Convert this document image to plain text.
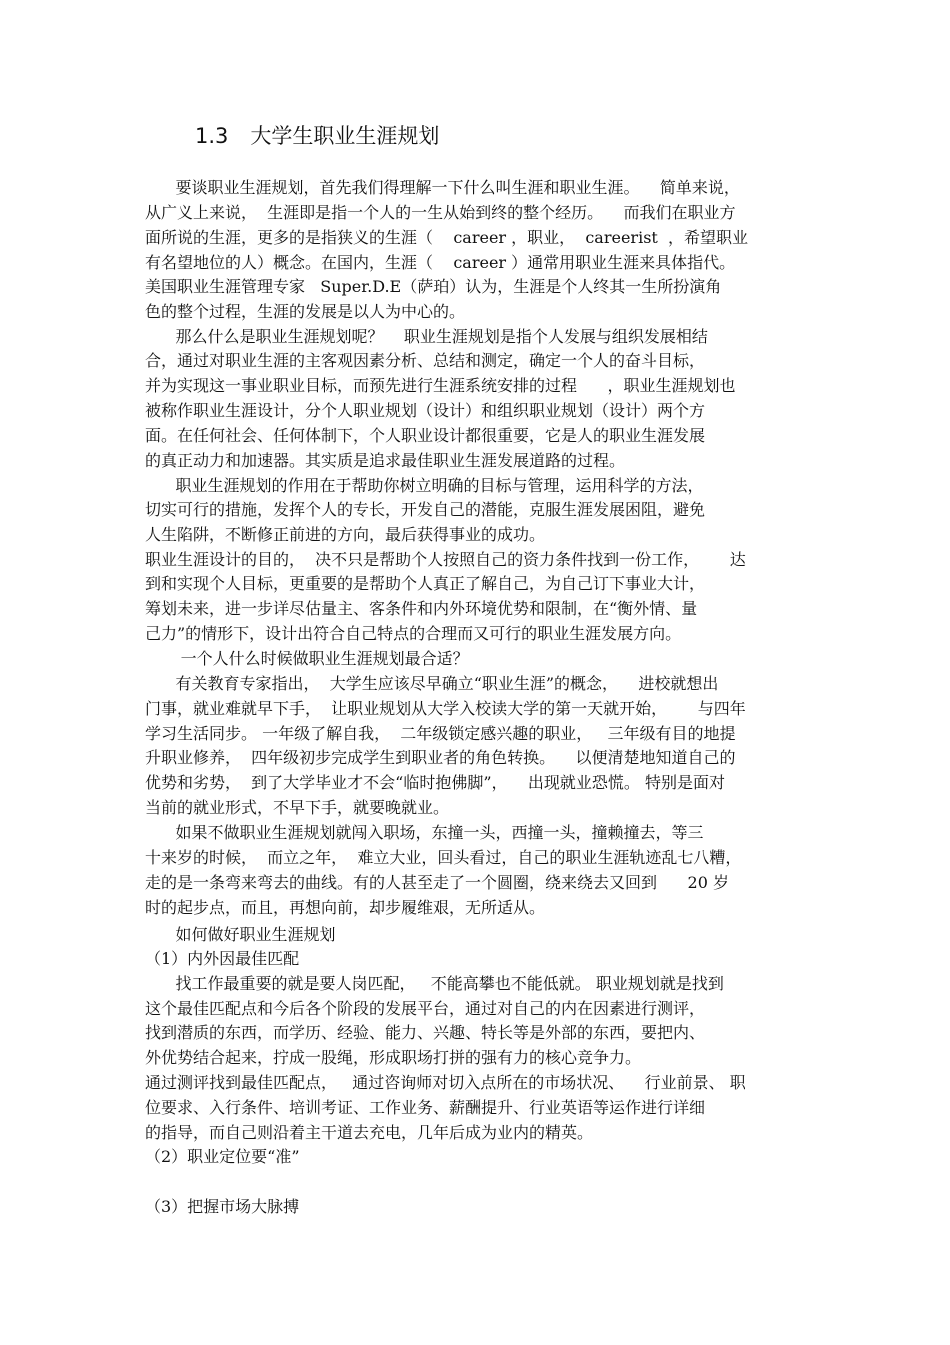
1.3 大学生职业生涯规划

要谈职业生涯规划，首先我们得理解一下什么叫生涯和职业生涯。    简单来说，

从广义上来说，  生涯即是指一个人的一生从始到终的整个经历。    而我们在职业方

面所说的生涯，更多的是指狭义的生涯（    career ，职业，  careerist  ，希望职业

有名望地位的人）概念。在国内，生涯（    career ）通常用职业生涯来具体指代。

美国职业生涯管理专家   Super.D.E（萨珀）认为，生涯是个人终其一生所扮演角

色的整个过程，生涯的发展是以人为中心的。

那么什么是职业生涯规划呢？    职业生涯规划是指个人发展与组织发展相结

合，通过对职业生涯的主客观因素分析、总结和测定，确定一个人的奋斗目标，

并为实现这一事业职业目标，而预先进行生涯系统安排的过程      ，职业生涯规划也

被称作职业生涯设计，分个人职业规划（设计）和组织职业规划（设计）两个方

面。在任何社会、任何体制下，个人职业设计都很重要，它是人的职业生涯发展

的真正动力和加速器。其实质是追求最佳职业生涯发展道路的过程。

职业生涯规划的作用在于帮助你树立明确的目标与管理，运用科学的方法，

切实可行的措施，发挥个人的专长，开发自己的潜能，克服生涯发展困阻，避免

人生陷阱，不断修正前进的方向，最后获得事业的成功。

职业生涯设计的目的，  决不只是帮助个人按照自己的资力条件找到一份工作，      达

到和实现个人目标，更重要的是帮助个人真正了解自己，为自己订下事业大计，

筹划未来，进一步详尽估量主、客条件和内外环境优势和限制，在“衡外情、量

己力”的情形下，设计出符合自己特点的合理而又可行的职业生涯发展方向。

一个人什么时候做职业生涯规划最合适？

有关教育专家指出，  大学生应该尽早确立“职业生涯”的概念，    进校就想出

门事，就业难就早下手，  让职业规划从大学入校读大学的第一天就开始，      与四年

学习生活同步。 一年级了解自我，  二年级锁定感兴趣的职业，   三年级有目的地提

升职业修养，  四年级初步完成学生到职业者的角色转换。    以便清楚地知道自己的

优势和劣势，  到了大学毕业才不会“临时抱佛脚”，    出现就业恐慌。 特别是面对

当前的就业形式，不早下手，就要晚就业。

如果不做职业生涯规划就闯入职场，东撞一头，西撞一头，撞赖撞去，等三

十来岁的时候，  而立之年，  难立大业，回头看过，自己的职业生涯轨迹乱七八糟，

走的是一条弯来弯去的曲线。有的人甚至走了一个圆圈，绕来绕去又回到      20 岁

时的起步点，而且，再想向前，却步履维艰，无所适从。

如何做好职业生涯规划

（1）内外因最佳匹配

找工作最重要的就是要人岗匹配，   不能高攀也不能低就。 职业规划就是找到

这个最佳匹配点和今后各个阶段的发展平台，通过对自己的内在因素进行测评，

找到潜质的东西，而学历、经验、能力、兴趣、特长等是外部的东西，要把内、

外优势结合起来，拧成一股绳，形成职场打拼的强有力的核心竞争力。

通过测评找到最佳匹配点，   通过咨询师对切入点所在的市场状况、    行业前景、 职

位要求、入行条件、培训考证、工作业务、薪酬提升、行业英语等运作进行详细

的指导，而自己则沿着主干道去充电，几年后成为业内的精英。

（2）职业定位要“准”

（3）把握市场大脉搏
